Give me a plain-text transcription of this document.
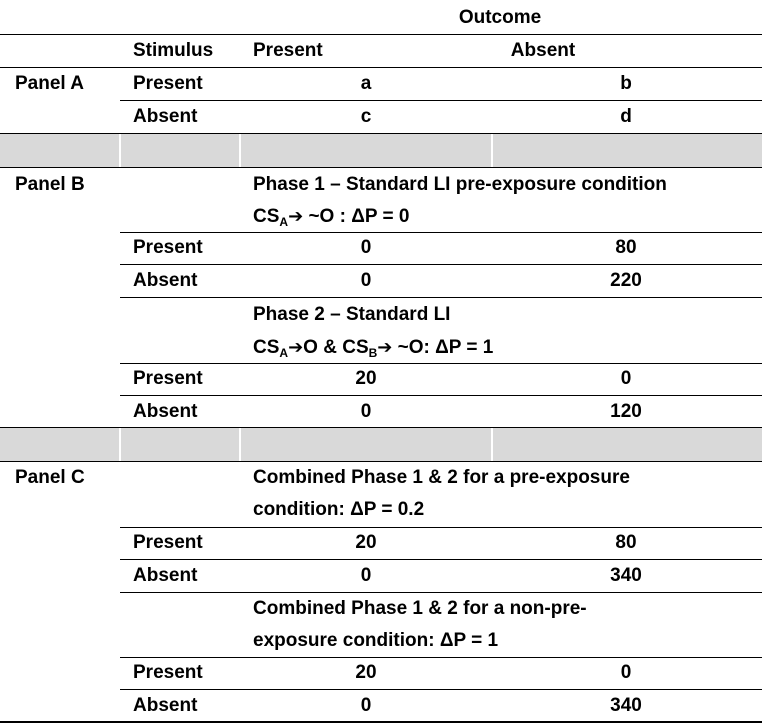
Outcome
Stimulus Present	Absent
Panel A	Present	a	b
Absent	c	d
Panel B	Phase 1 – Standard LI pre-exposure condition
$CS_A➔$ ~O : ΔP = 0
Present	0	80
Absent	0	220
Phase 2 – Standard LI
$CS_A➔O$ & $CS_B➔$ ~O: ΔP = 1
Present	20	0
Absent	0	120
Panel C	Combined Phase 1 & 2 for a pre-exposure
condition: ΔP = 0.2
Present	20	80
Absent	0	340
Combined Phase 1 & 2 for a non-pre-
exposure condition: ΔP = 1
Present	20	0
Absent	0	340
